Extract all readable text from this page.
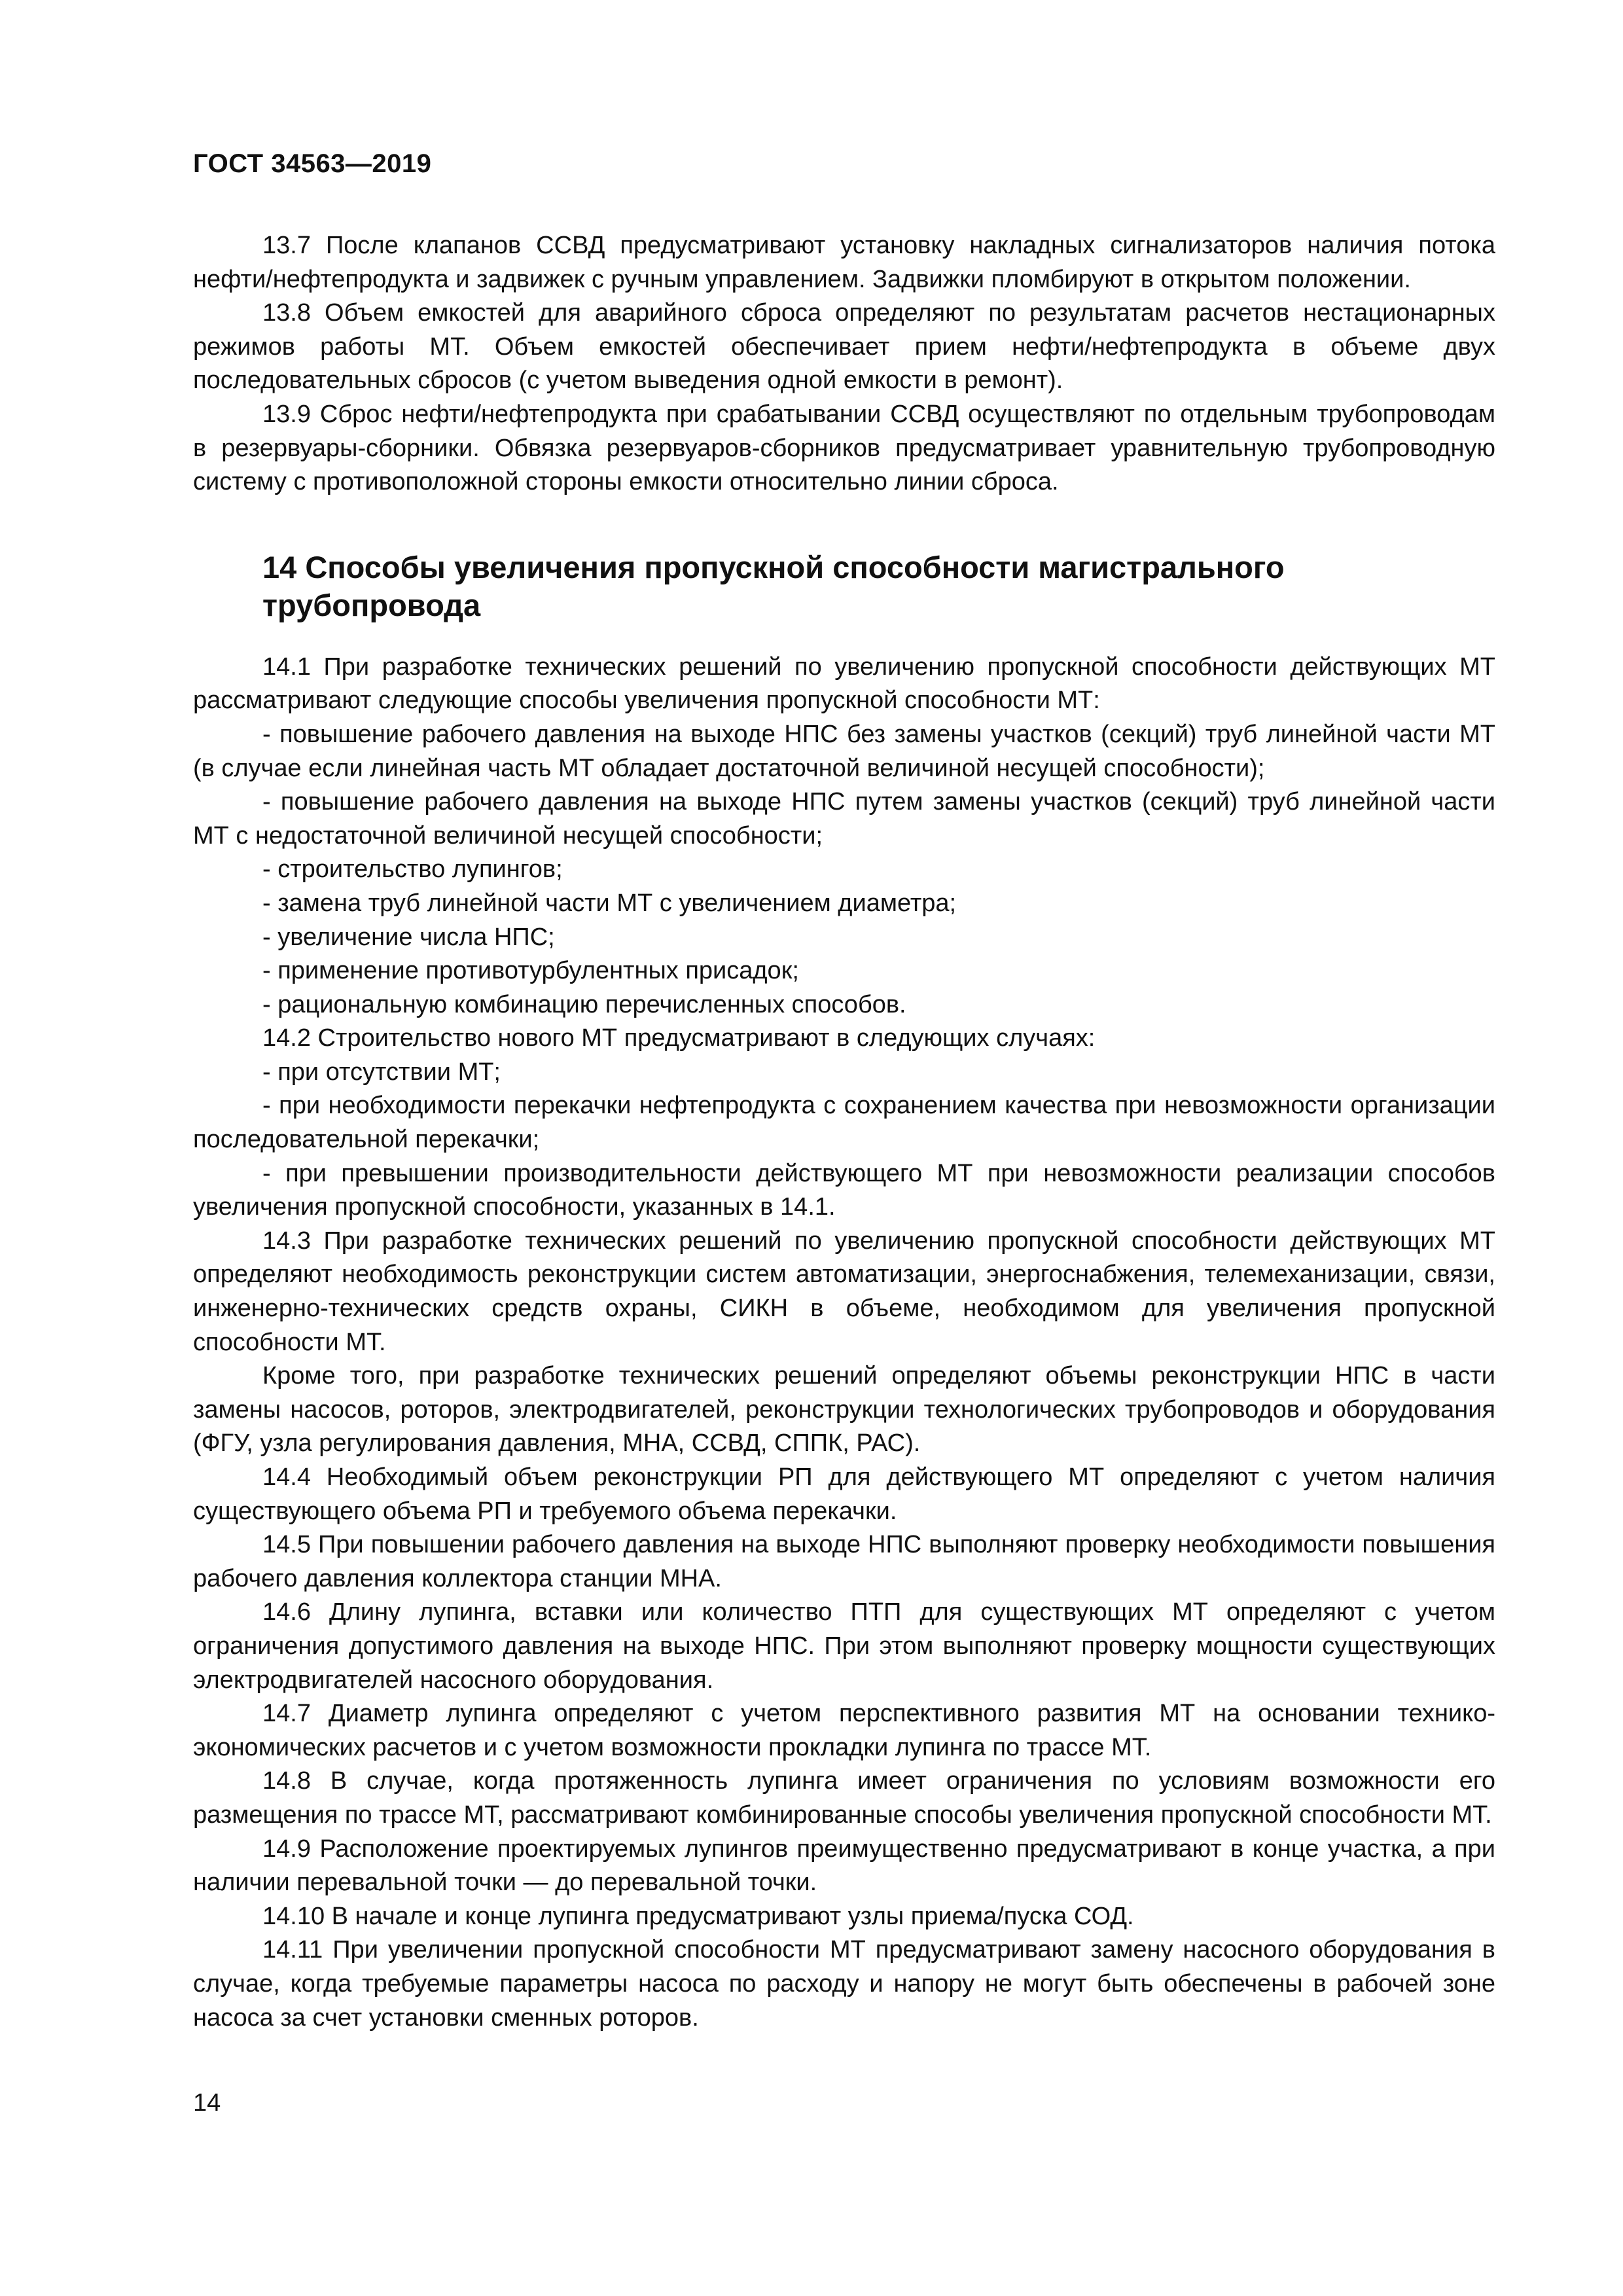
ГОСТ 34563—2019

13.7 После клапанов ССВД предусматривают установку накладных сигнализаторов наличия потока нефти/нефтепродукта и задвижек с ручным управлением. Задвижки пломбируют в открытом положении.

13.8 Объем емкостей для аварийного сброса определяют по результатам расчетов нестационарных режимов работы МТ. Объем емкостей обеспечивает прием нефти/нефтепродукта в объеме двух последовательных сбросов (с учетом выведения одной емкости в ремонт).

13.9 Сброс нефти/нефтепродукта при срабатывании ССВД осуществляют по отдельным трубопроводам в резервуары-сборники. Обвязка резервуаров-сборников предусматривает уравнительную трубопроводную систему с противоположной стороны емкости относительно линии сброса.

14 Способы увеличения пропускной способности магистрального трубопровода

14.1 При разработке технических решений по увеличению пропускной способности действующих МТ рассматривают следующие способы увеличения пропускной способности МТ:

- повышение рабочего давления на выходе НПС без замены участков (секций) труб линейной части МТ (в случае если линейная часть МТ обладает достаточной величиной несущей способности);

- повышение рабочего давления на выходе НПС путем замены участков (секций) труб линейной части МТ с недостаточной величиной несущей способности;

- строительство лупингов;

- замена труб линейной части МТ с увеличением диаметра;

- увеличение числа НПС;

- применение противотурбулентных присадок;

- рациональную комбинацию перечисленных способов.

14.2 Строительство нового МТ предусматривают в следующих случаях:

- при отсутствии МТ;

- при необходимости перекачки нефтепродукта с сохранением качества при невозможности организации последовательной перекачки;

- при превышении производительности действующего МТ при невозможности реализации способов увеличения пропускной способности, указанных в 14.1.

14.3 При разработке технических решений по увеличению пропускной способности действующих МТ определяют необходимость реконструкции систем автоматизации, энергоснабжения, телемеханизации, связи, инженерно-технических средств охраны, СИКН в объеме, необходимом для увеличения пропускной способности МТ.

Кроме того, при разработке технических решений определяют объемы реконструкции НПС в части замены насосов, роторов, электродвигателей, реконструкции технологических трубопроводов и оборудования (ФГУ, узла регулирования давления, МНА, ССВД, СППК, РАС).

14.4 Необходимый объем реконструкции РП для действующего МТ определяют с учетом наличия существующего объема РП и требуемого объема перекачки.

14.5 При повышении рабочего давления на выходе НПС выполняют проверку необходимости повышения рабочего давления коллектора станции МНА.

14.6 Длину лупинга, вставки или количество ПТП для существующих МТ определяют с учетом ограничения допустимого давления на выходе НПС. При этом выполняют проверку мощности существующих электродвигателей насосного оборудования.

14.7 Диаметр лупинга определяют с учетом перспективного развития МТ на основании технико-экономических расчетов и с учетом возможности прокладки лупинга по трассе МТ.

14.8 В случае, когда протяженность лупинга имеет ограничения по условиям возможности его размещения по трассе МТ, рассматривают комбинированные способы увеличения пропускной способности МТ.

14.9 Расположение проектируемых лупингов преимущественно предусматривают в конце участка, а при наличии перевальной точки — до перевальной точки.

14.10 В начале и конце лупинга предусматривают узлы приема/пуска СОД.

14.11 При увеличении пропускной способности МТ предусматривают замену насосного оборудования в случае, когда требуемые параметры насоса по расходу и напору не могут быть обеспечены в рабочей зоне насоса за счет установки сменных роторов.

14
